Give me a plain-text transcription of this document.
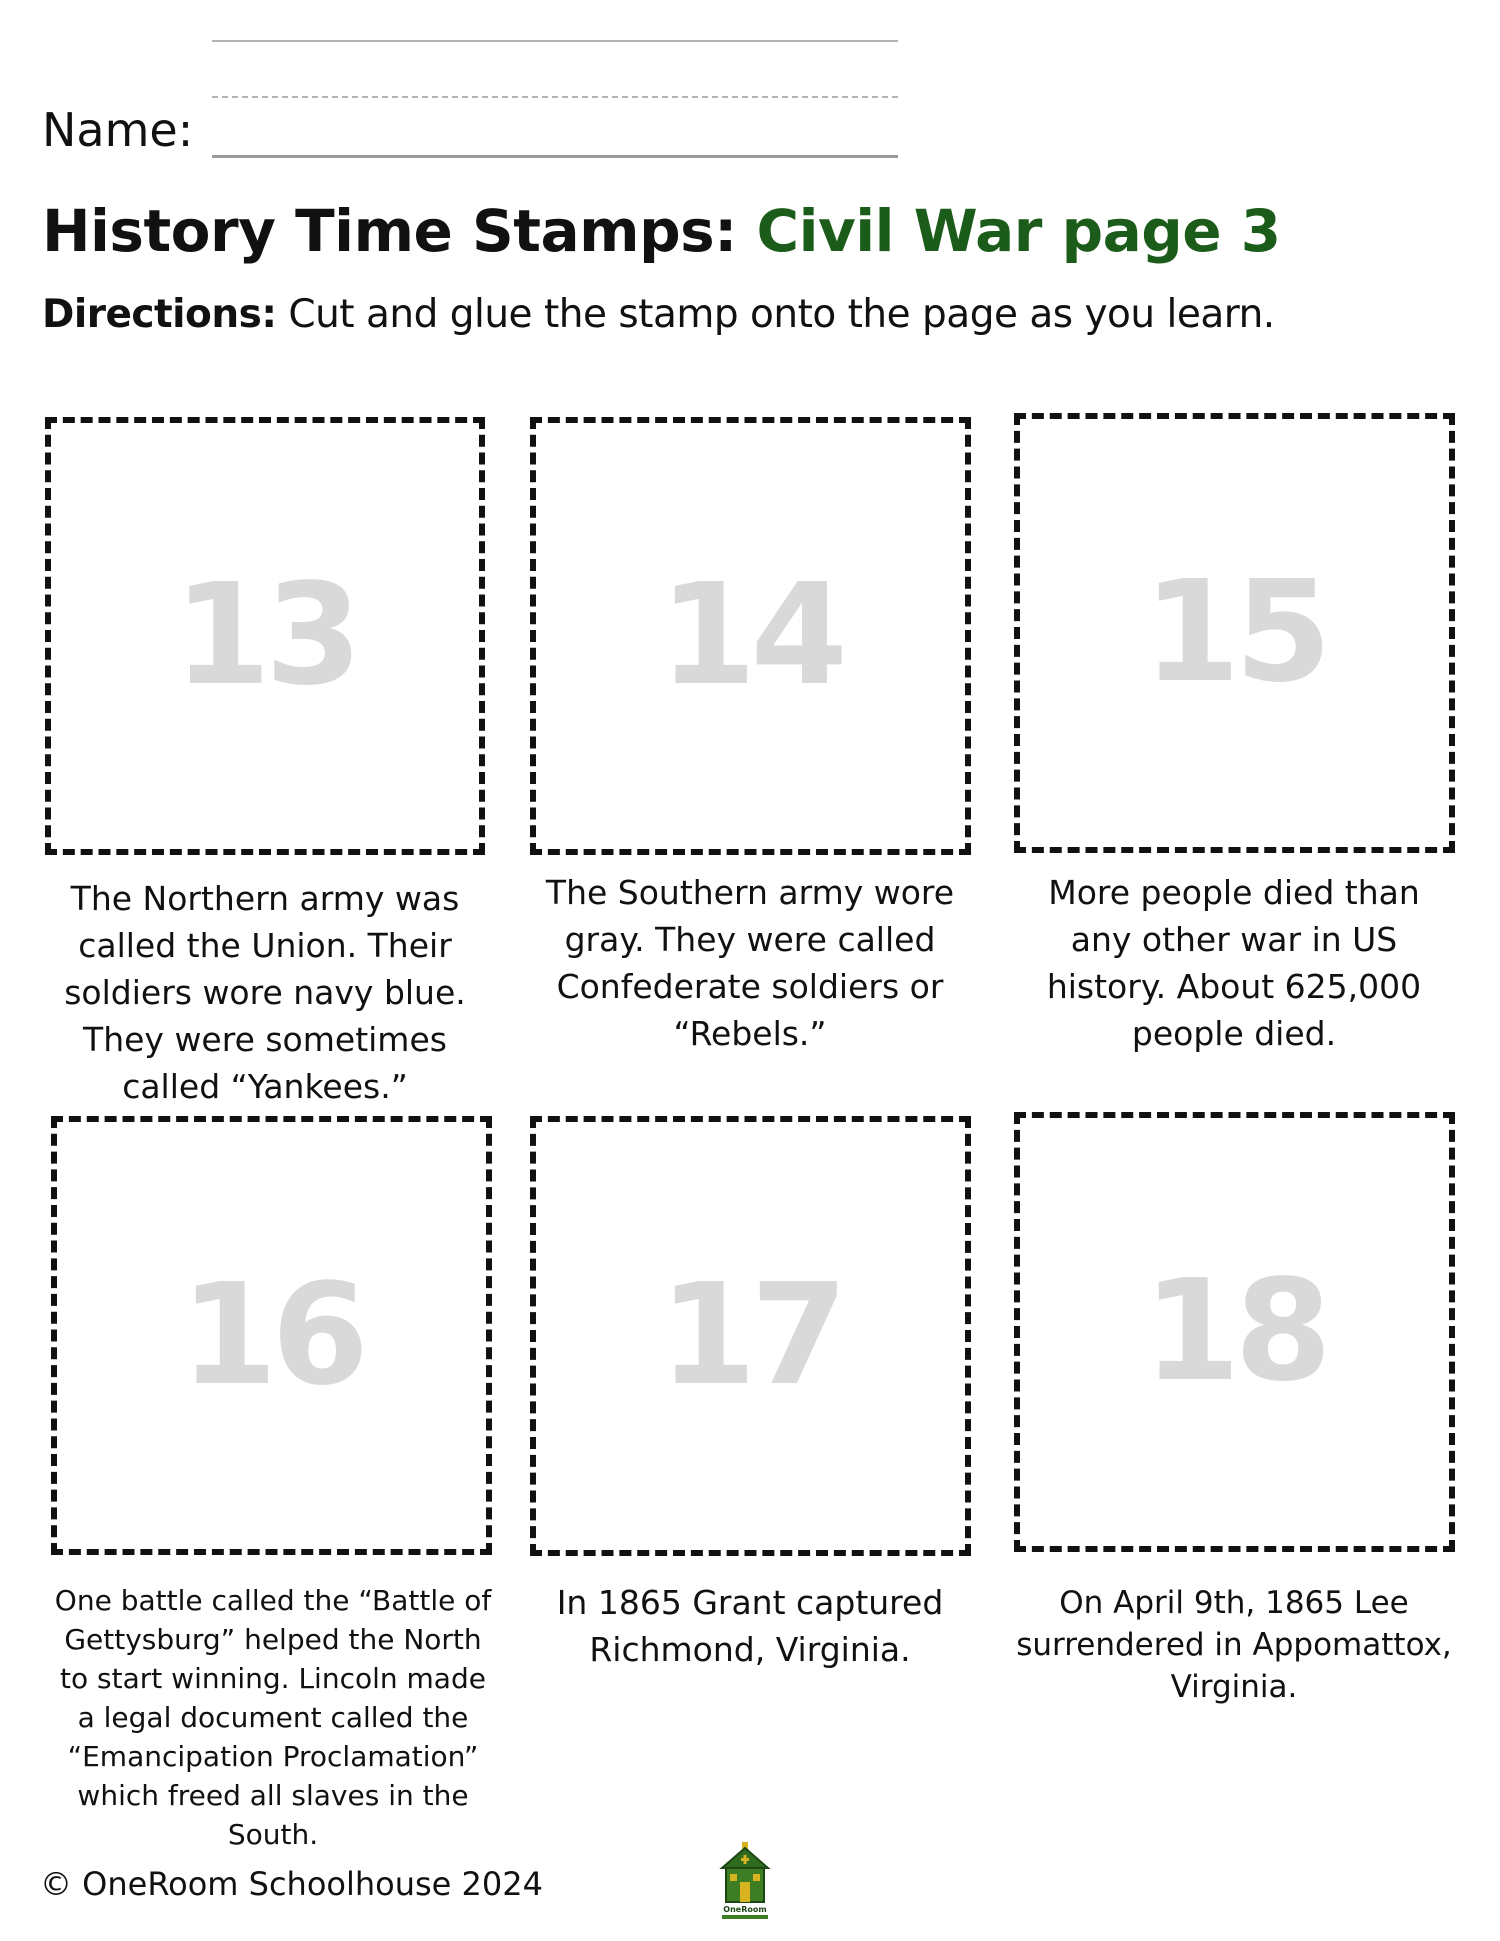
Name:
History Time Stamps: Civil War page 3
Directions: Cut and glue the stamp onto the page as you learn.
13
The Northern army was
called the Union. Their
soldiers wore navy blue.
They were sometimes
called “Yankees.”
14
The Southern army wore
gray. They were called
Confederate soldiers or
“Rebels.”
15
More people died than
any other war in US
history. About 625,000
people died.
16
One battle called the “Battle of
Gettysburg” helped the North
to start winning. Lincoln made
a legal document called the
“Emancipation Proclamation”
which freed all slaves in the
South.
17
In 1865 Grant captured
Richmond, Virginia.
18
On April 9th, 1865 Lee
surrendered in Appomattox,
Virginia.
© OneRoom Schoolhouse 2024
OneRoom
